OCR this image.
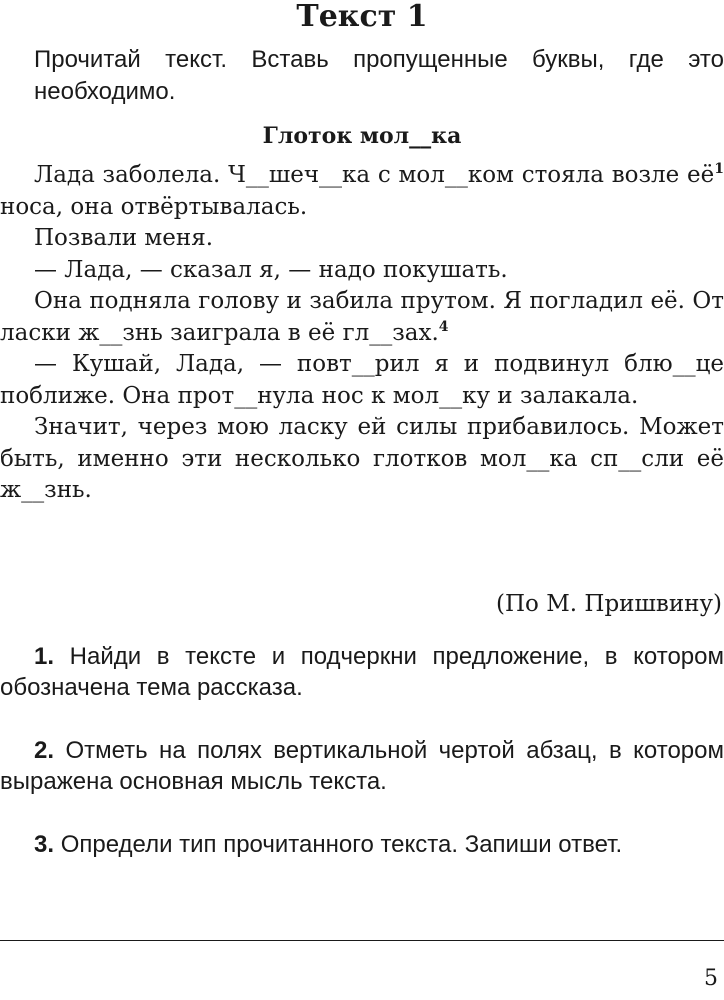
Текст 1
Прочитай текст. Вставь пропущенные буквы, где это необходимо.
Глоток мол__ка

Лада заболела. Ч__шеч__ка с мол__ком стояла возле $её^1$ носа, она отвёртывалась.

Позвали меня.

— Лада, — сказал я, — надо покушать.

Она подняла голову и забила прутом. Я погладил её. От ласки ж__знь заиграла в её гл__зах.$^4$

— Кушай, Лада, — повт__рил я и подвинул блю__це поближе. Она прот__нула нос к мол__ку и залакала.

Значит, через мою ласку ей силы прибавилось. Может быть, именно эти несколько глотков мол__ка сп__сли её ж__знь.

(По М. Пришвину)

1. Найди в тексте и подчеркни предложение, в котором обозначена тема рассказа.

2. Отметь на полях вертикальной чертой абзац, в котором выражена основная мысль текста.

3. Определи тип прочитанного текста. Запиши ответ.

5
